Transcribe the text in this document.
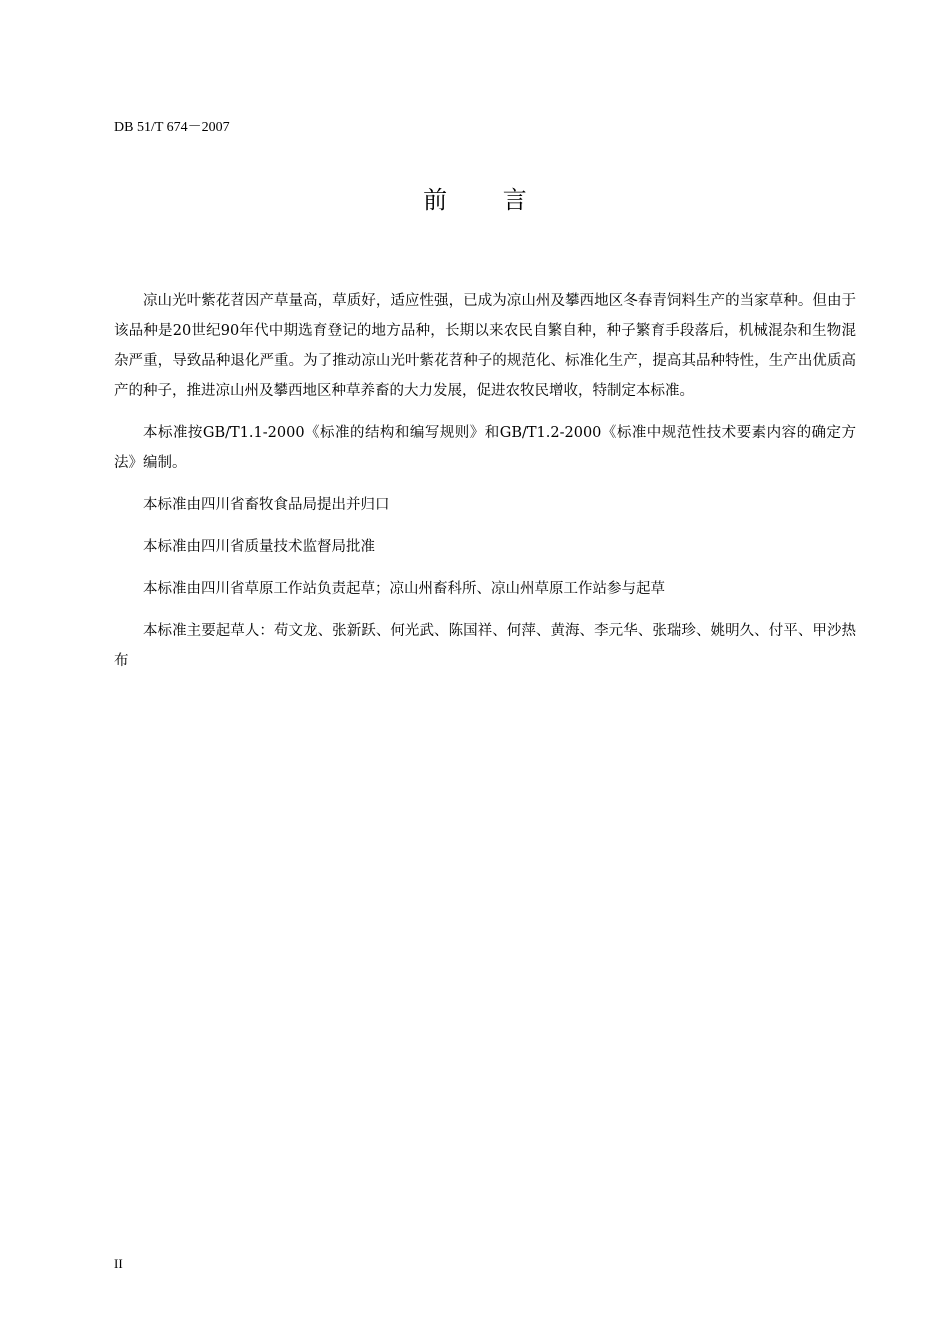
DB 51/T 674－2007
前 言

凉山光叶紫花苕因产草量高，草质好，适应性强，已成为凉山州及攀西地区冬春青饲料生产的当家草种。但由于该品种是20世纪90年代中期选育登记的地方品种，长期以来农民自繁自种，种子繁育手段落后，机械混杂和生物混杂严重，导致品种退化严重。为了推动凉山光叶紫花苕种子的规范化、标准化生产，提高其品种特性，生产出优质高产的种子，推进凉山州及攀西地区种草养畜的大力发展，促进农牧民增收，特制定本标准。

本标准按GB/T1.1-2000《标准的结构和编写规则》和GB/T1.2-2000《标准中规范性技术要素内容的确定方法》编制。

本标准由四川省畜牧食品局提出并归口

本标准由四川省质量技术监督局批准

本标准由四川省草原工作站负责起草；凉山州畜科所、凉山州草原工作站参与起草

本标准主要起草人：苟文龙、张新跃、何光武、陈国祥、何萍、黄海、李元华、张瑞珍、姚明久、付平、甲沙热布

II
